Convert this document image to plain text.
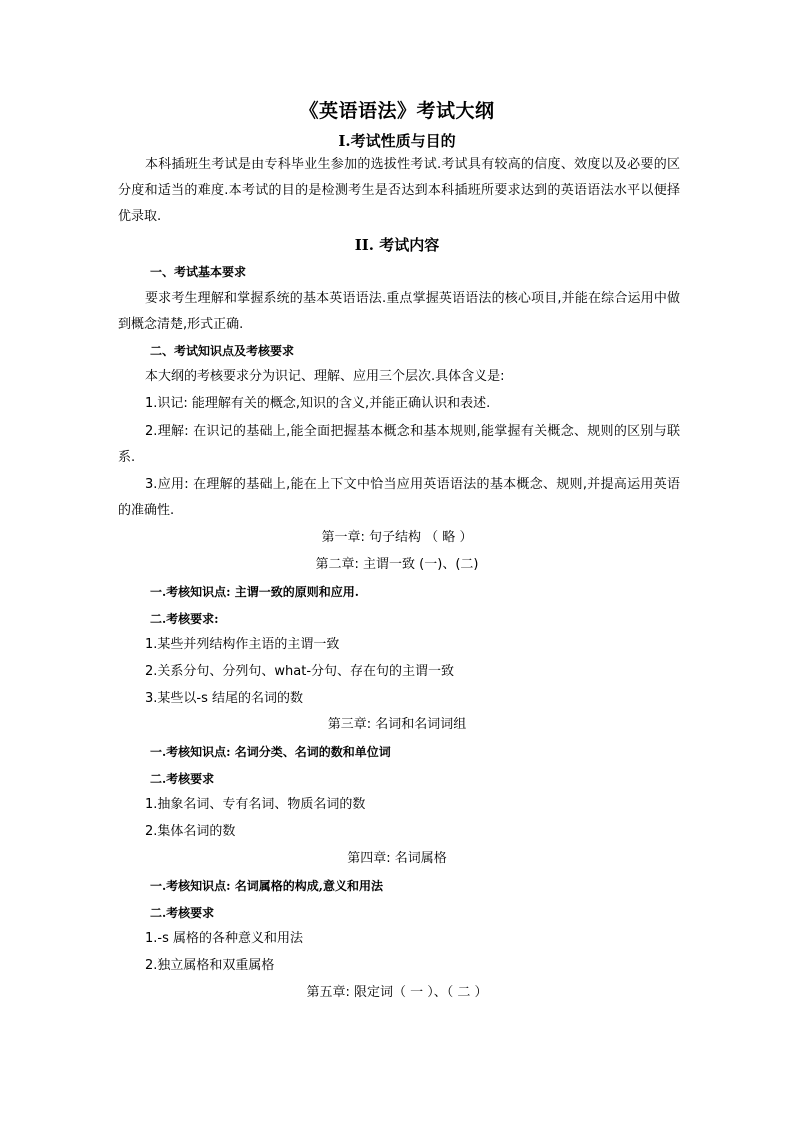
《英语语法》考试大纲
I.考试性质与目的
本科插班生考试是由专科毕业生参加的选拔性考试.考试具有较高的信度、效度以及必要的区分度和适当的难度.本考试的目的是检测考生是否达到本科插班所要求达到的英语语法水平以便择优录取.
II. 考试内容
一、考试基本要求
要求考生理解和掌握系统的基本英语语法.重点掌握英语语法的核心项目,并能在综合运用中做到概念清楚,形式正确.
二、考试知识点及考核要求
本大纲的考核要求分为识记、理解、应用三个层次.具体含义是:
1.识记: 能理解有关的概念,知识的含义,并能正确认识和表述.
2.理解: 在识记的基础上,能全面把握基本概念和基本规则,能掌握有关概念、规则的区别与联系.
3.应用: 在理解的基础上,能在上下文中恰当应用英语语法的基本概念、规则,并提高运用英语的准确性.
第一章: 句子结构 （ 略 ）
第二章: 主谓一致 (一)、(二)
一.考核知识点: 主谓一致的原则和应用.
二.考核要求:
1.某些并列结构作主语的主谓一致
2.关系分句、分列句、what-分句、存在句的主谓一致
3.某些以-s 结尾的名词的数
第三章: 名词和名词词组
一.考核知识点: 名词分类、名词的数和单位词
二.考核要求
1.抽象名词、专有名词、物质名词的数
2.集体名词的数
第四章: 名词属格
一.考核知识点: 名词属格的构成,意义和用法
二.考核要求
1.-s 属格的各种意义和用法
2.独立属格和双重属格
第五章: 限定词（ 一 ）、（ 二 ）
